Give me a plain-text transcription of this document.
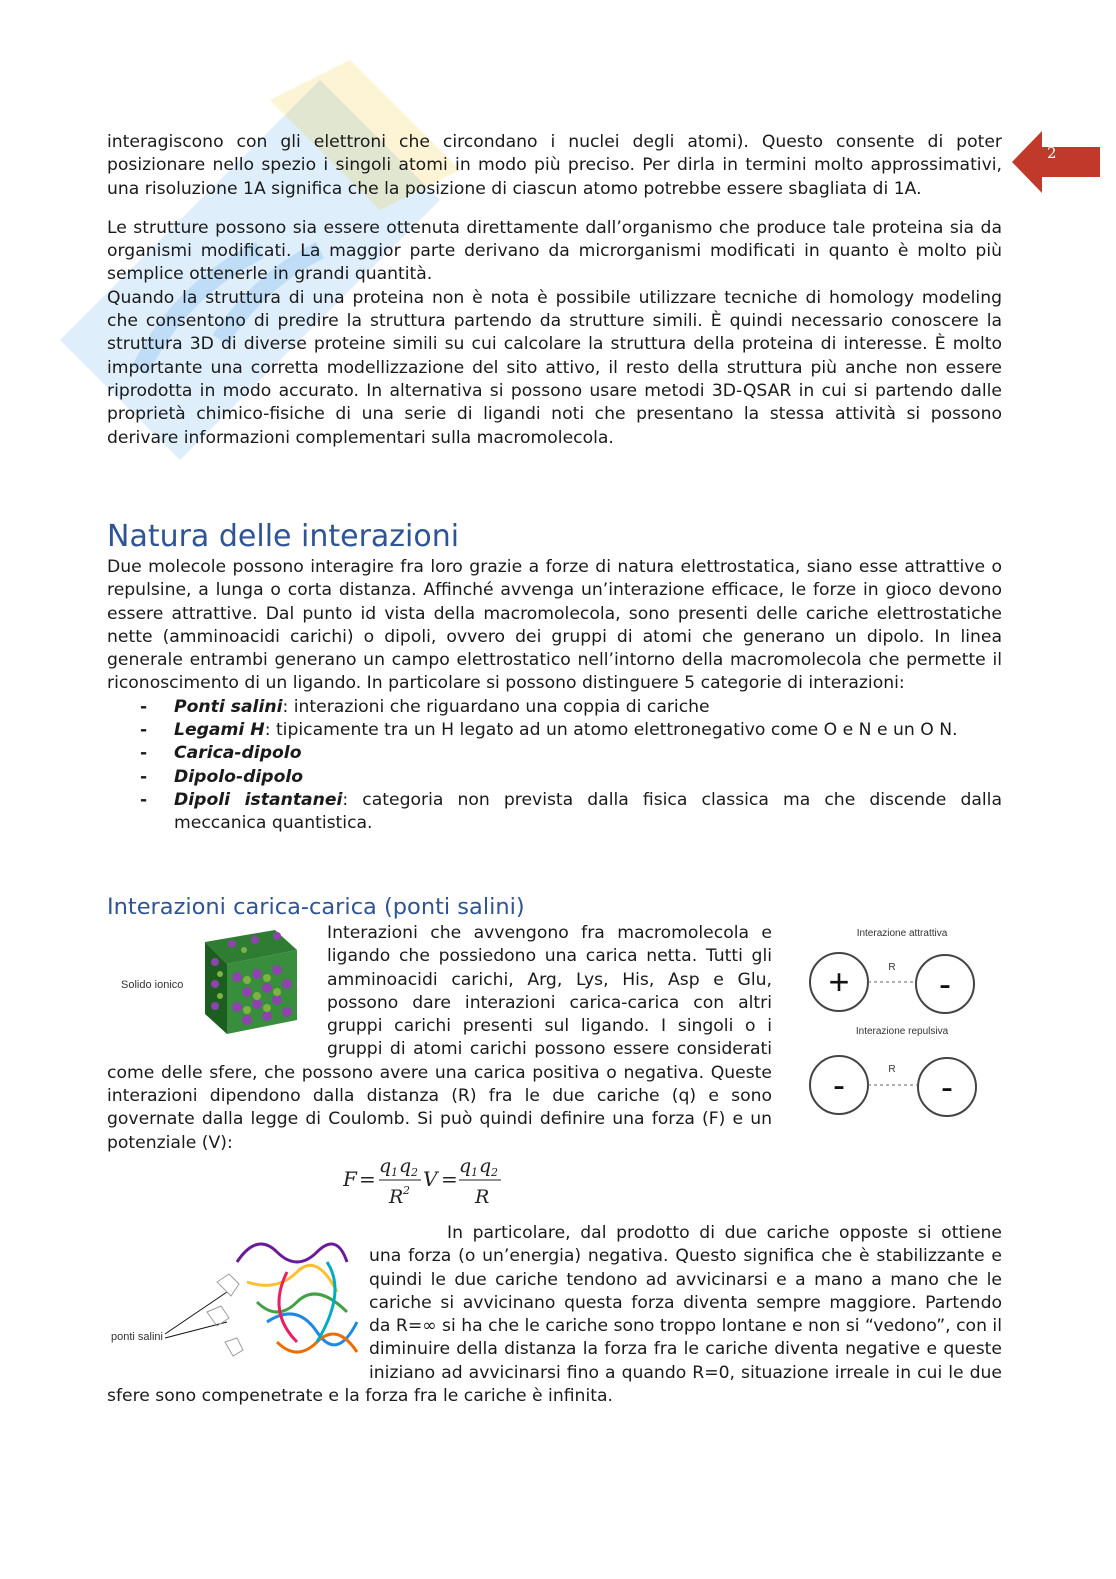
2

interagiscono con gli elettroni che circondano i nuclei degli atomi). Questo consente di poter posizionare nello spezio i singoli atomi in modo più preciso. Per dirla in termini molto approssimativi, una risoluzione 1A significa che la posizione di ciascun atomo potrebbe essere sbagliata di 1A.

Le strutture possono sia essere ottenuta direttamente dall’organismo che produce tale proteina sia da organismi modificati. La maggior parte derivano da microrganismi modificati in quanto è molto più semplice ottenerle in grandi quantità.

Quando la struttura di una proteina non è nota è possibile utilizzare tecniche di homology modeling che consentono di predire la struttura partendo da strutture simili. È quindi necessario conoscere la struttura 3D di diverse proteine simili su cui calcolare la struttura della proteina di interesse. È molto importante una corretta modellizzazione del sito attivo, il resto della struttura più anche non essere riprodotta in modo accurato. In alternativa si possono usare metodi 3D-QSAR in cui si partendo dalle proprietà chimico-fisiche di una serie di ligandi noti che presentano la stessa attività si possono derivare informazioni complementari sulla macromolecola.

Natura delle interazioni

Due molecole possono interagire fra loro grazie a forze di natura elettrostatica, siano esse attrattive o repulsine, a lunga o corta distanza. Affinché avvenga un’interazione efficace, le forze in gioco devono essere attrattive. Dal punto id vista della macromolecola, sono presenti delle cariche elettrostatiche nette (amminoacidi carichi) o dipoli, ovvero dei gruppi di atomi che generano un dipolo. In linea generale entrambi generano un campo elettrostatico nell’intorno della macromolecola che permette il riconoscimento di un ligando. In particolare si possono distinguere 5 categorie di interazioni:

- Ponti salini: interazioni che riguardano una coppia di cariche
- Legami H: tipicamente tra un H legato ad un atomo elettronegativo come O e N e un O N.
- Carica-dipolo
- Dipolo-dipolo
- Dipoli istantanei: categoria non prevista dalla fisica classica ma che discende dalla meccanica quantistica.
Interazioni carica-carica (ponti salini)
Interazione attrattiva
+ -
R
Interazione repulsiva
-	-
R

Solido ionico
Interazioni che avvengono fra macromolecola e ligando che possiedono una carica netta. Tutti gli amminoacidi carichi, Arg, Lys, His, Asp e Glu, possono dare interazioni carica-carica con altri gruppi carichi presenti sul ligando. I singoli o i gruppi di atomi carichi possono essere considerati come delle sfere, che possono avere una carica positiva o negativa. Queste interazioni dipendono dalla distanza (R) fra le due cariche (q) e sono governate dalla legge di Coulomb. Si può quindi definire una forza (F) e un potenziale (V):

F =
q 1 q 2
R 2 V =
q 1 q 2
R

ponti salini
In particolare, dal prodotto di due cariche opposte si ottiene una forza (o un’energia) negativa. Questo significa che è stabilizzante e quindi le due cariche tendono ad avvicinarsi e a mano a mano che le cariche si avvicinano questa forza diventa sempre maggiore. Partendo da R=∞ si ha che le cariche sono troppo lontane e non si “vedono”, con il diminuire della distanza la forza fra le cariche diventa negative e queste iniziano ad avvicinarsi fino a quando R=0, situazione irreale in cui le due sfere sono compenetrate e la forza fra le cariche è infinita.
